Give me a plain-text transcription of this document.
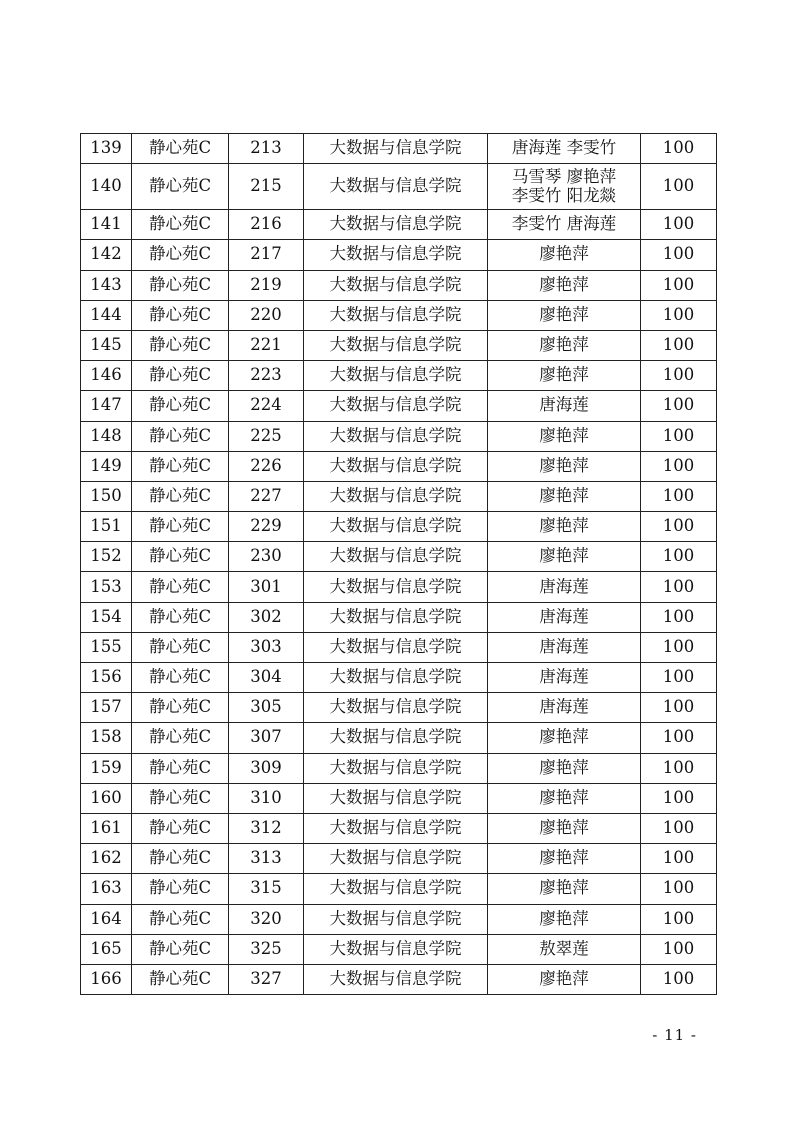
139	静心苑C	213	大数据与信息学院	唐海莲 李雯竹	100
140	静心苑C	215	大数据与信息学院	马雪琴 廖艳萍
李雯竹 阳龙燚	100
141	静心苑C	216	大数据与信息学院	李雯竹 唐海莲	100
142	静心苑C	217	大数据与信息学院	廖艳萍	100
143	静心苑C	219	大数据与信息学院	廖艳萍	100
144	静心苑C	220	大数据与信息学院	廖艳萍	100
145	静心苑C	221	大数据与信息学院	廖艳萍	100
146	静心苑C	223	大数据与信息学院	廖艳萍	100
147	静心苑C	224	大数据与信息学院	唐海莲	100
148	静心苑C	225	大数据与信息学院	廖艳萍	100
149	静心苑C	226	大数据与信息学院	廖艳萍	100
150	静心苑C	227	大数据与信息学院	廖艳萍	100
151	静心苑C	229	大数据与信息学院	廖艳萍	100
152	静心苑C	230	大数据与信息学院	廖艳萍	100
153	静心苑C	301	大数据与信息学院	唐海莲	100
154	静心苑C	302	大数据与信息学院	唐海莲	100
155	静心苑C	303	大数据与信息学院	唐海莲	100
156	静心苑C	304	大数据与信息学院	唐海莲	100
157	静心苑C	305	大数据与信息学院	唐海莲	100
158	静心苑C	307	大数据与信息学院	廖艳萍	100
159	静心苑C	309	大数据与信息学院	廖艳萍	100
160	静心苑C	310	大数据与信息学院	廖艳萍	100
161	静心苑C	312	大数据与信息学院	廖艳萍	100
162	静心苑C	313	大数据与信息学院	廖艳萍	100
163	静心苑C	315	大数据与信息学院	廖艳萍	100
164	静心苑C	320	大数据与信息学院	廖艳萍	100
165	静心苑C	325	大数据与信息学院	敖翠莲	100
166	静心苑C	327	大数据与信息学院	廖艳萍	100
- 11 -
